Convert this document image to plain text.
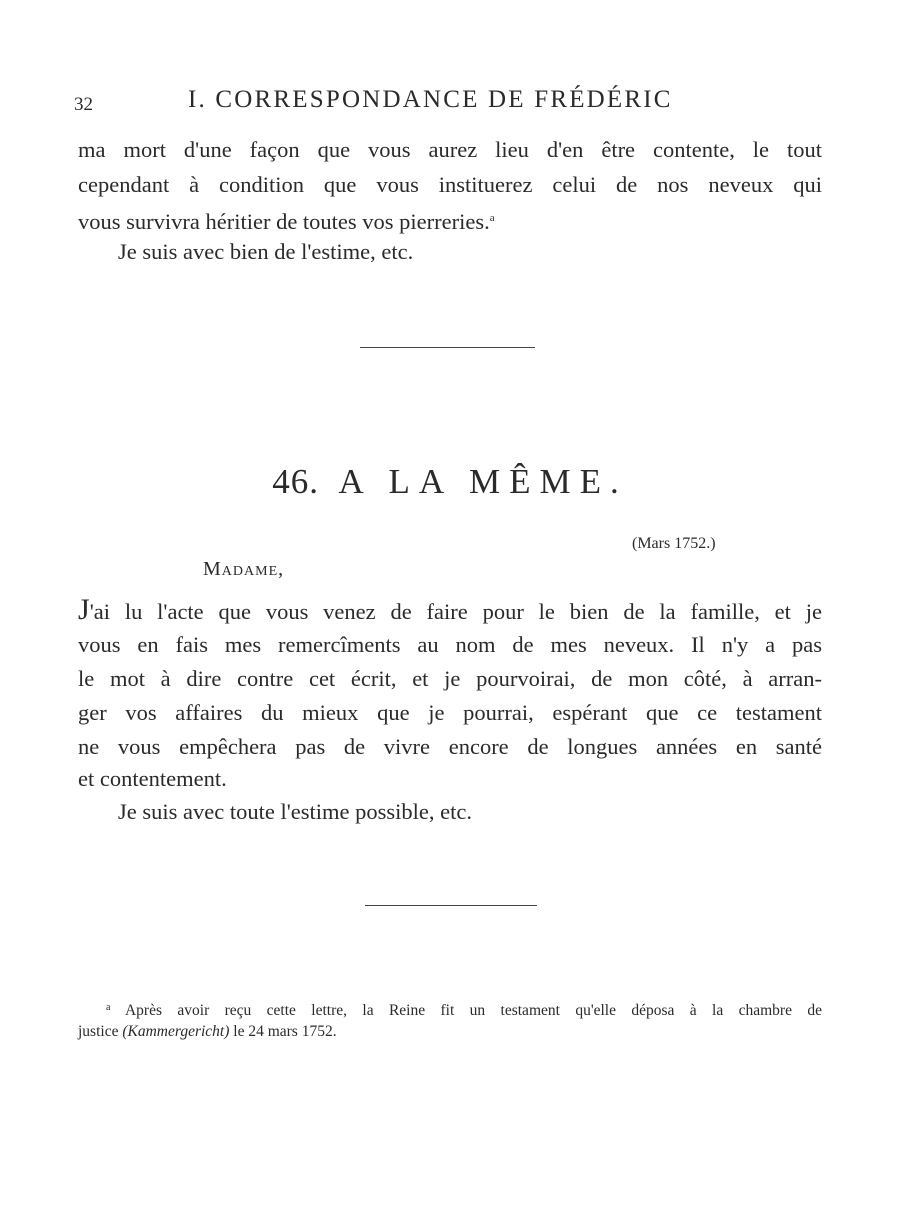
32	I. CORRESPONDANCE DE FRÉDÉRIC
ma mort d'une façon que vous aurez lieu d'en être contente, le tout
cependant à condition que vous instituerez celui de nos neveux qui
vous survivra héritier de toutes vos pierreries.$^a$
Je suis avec bien de l'estime, etc.
46. A LA MÊME.
(Mars 1752.)
Madame,
J'ai lu l'acte que vous venez de faire pour le bien de la famille, et je
vous en fais mes remercîments au nom de mes neveux. Il n'y a pas
le mot à dire contre cet écrit, et je pourvoirai, de mon côté, à arran-
ger vos affaires du mieux que je pourrai, espérant que ce testament
ne vous empêchera pas de vivre encore de longues années en santé
et contentement.
Je suis avec toute l'estime possible, etc.
$^a$ Après avoir reçu cette lettre, la Reine fit un testament qu'elle déposa à la chambre de
justice (Kammergericht) le 24 mars 1752.
